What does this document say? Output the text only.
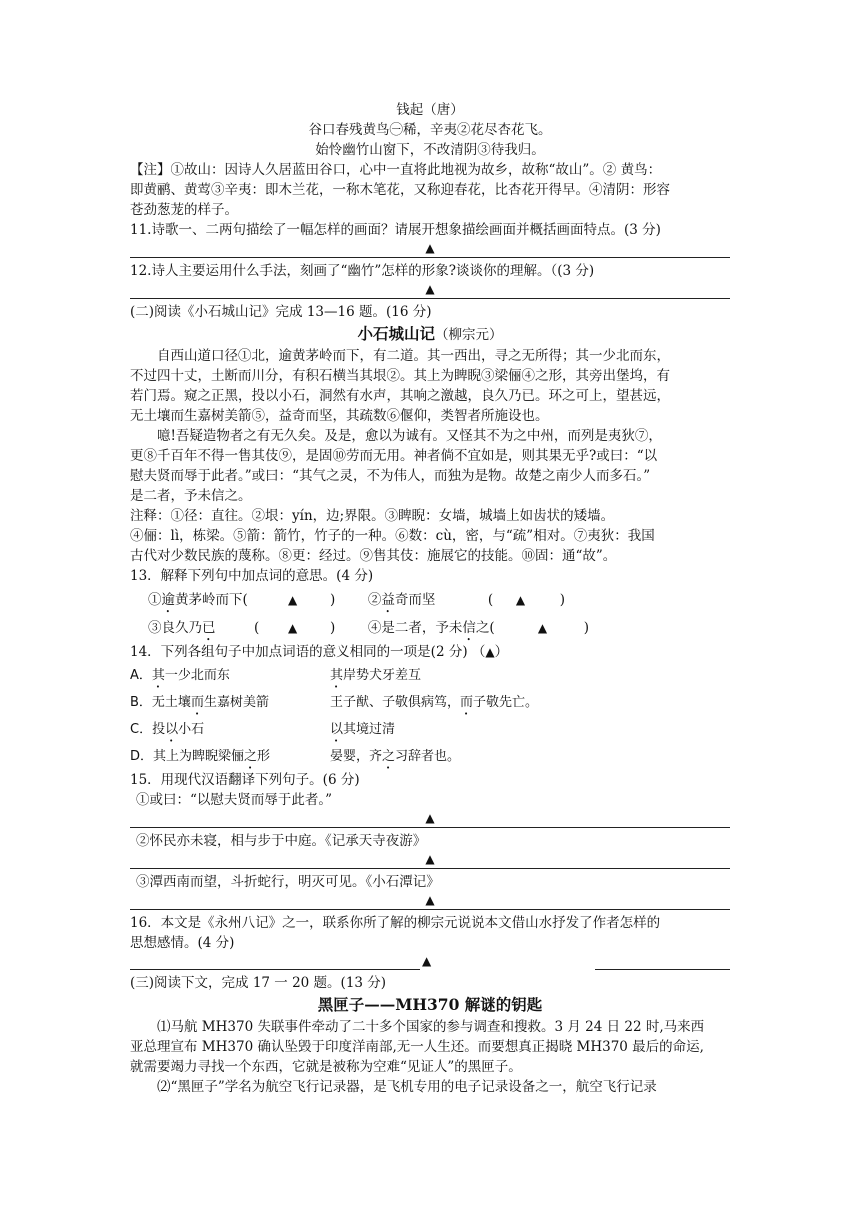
钱起（唐）
谷口春残黄鸟㊀稀，辛夷②花尽杏花飞。
始怜幽竹山窗下，不改清阴③待我归。
【注】①故山：因诗人久居蓝田谷口，心中一直将此地视为故乡，故称“故山”。② 黄鸟：
即黄鹂、黄莺③辛夷：即木兰花，一称木笔花，又称迎春花，比杏花开得早。④清阴：形容
苍劲葱茏的样子。
11.诗歌一、二两句描绘了一幅怎样的画面？请展开想象描绘画面并概括画面特点。(3 分)
▲
12.诗人主要运用什么手法，刻画了“幽竹”怎样的形象?谈谈你的理解。（(3 分)
▲
(二)阅读《小石城山记》完成 13—16 题。(16 分)
小石城山记（柳宗元）
自西山道口径①北，逾黄茅岭而下，有二道。其一西出，寻之无所得；其一少北而东，
不过四十丈，土断而川分，有积石横当其垠②。其上为睥睨③梁俪④之形，其旁出堡坞，有
若门焉。窥之正黑，投以小石，洞然有水声，其响之激越，良久乃已。环之可上，望甚远，
无土壤而生嘉树美箭⑤，益奇而坚，其疏数⑥偃仰，类智者所施设也。
噫!吾疑造物者之有无久矣。及是，愈以为诚有。又怪其不为之中州，而列是夷狄⑦，
更⑧千百年不得一售其伎⑨，是固⑩劳而无用。神者倘不宜如是，则其果无乎?或曰：“以
慰夫贤而辱于此者。”或曰：“其气之灵，不为伟人，而独为是物。故楚之南少人而多石。”
是二者，予未信之。
注释：①径：直往。②垠：yín，边;界限。③睥睨：女墙，城墙上如齿状的矮墙。
④俪：lì，栋梁。⑤箭：箭竹，竹子的一种。⑥数：cù，密，与“疏”相对。⑦夷狄：我国
古代对少数民族的蔑称。⑧更：经过。⑨售其伎：施展它的技能。⑩固：通“故”。
13．解释下列句中加点词的意思。(4 分)
①逾黄茅岭而下(	▲ ) ②益奇而坚	( ▲	)
③良久乃已	( ▲ ) ④是二者，予未信之(	▲	)
14．下列各组句子中加点词语的意义相同的一项是(2 分) （▲）
A．其一少北而东	其岸势犬牙差互
B．无土壤而生嘉树美箭	王子猷、子敬俱病笃，而子敬先亡。
C．投以小石	以其境过清
D．其上为睥睨梁俪之形	晏婴，齐之习辞者也。
15．用现代汉语翻译下列句子。(6 分)
①或曰：“以慰夫贤而辱于此者。”
▲
②怀民亦未寝，相与步于中庭。《记承天寺夜游》
▲
③潭西南而望，斗折蛇行，明灭可见。《小石潭记》
▲
16．本文是《永州八记》之一，联系你所了解的柳宗元说说本文借山水抒发了作者怎样的
思想感情。(4 分)
▲
(三)阅读下文，完成 17 一 20 题。(13 分)
黑匣子——MH370 解谜的钥匙
⑴马航 MH370 失联事件牵动了二十多个国家的参与调查和搜救。3 月 24 日 22 时,马来西
亚总理宣布 MH370 确认坠毁于印度洋南部,无一人生还。而要想真正揭晓 MH370 最后的命运,
就需要竭力寻找一个东西，它就是被称为空难“见证人”的黑匣子。
⑵“黑匣子”学名为航空飞行记录器，是飞机专用的电子记录设备之一，航空飞行记录
